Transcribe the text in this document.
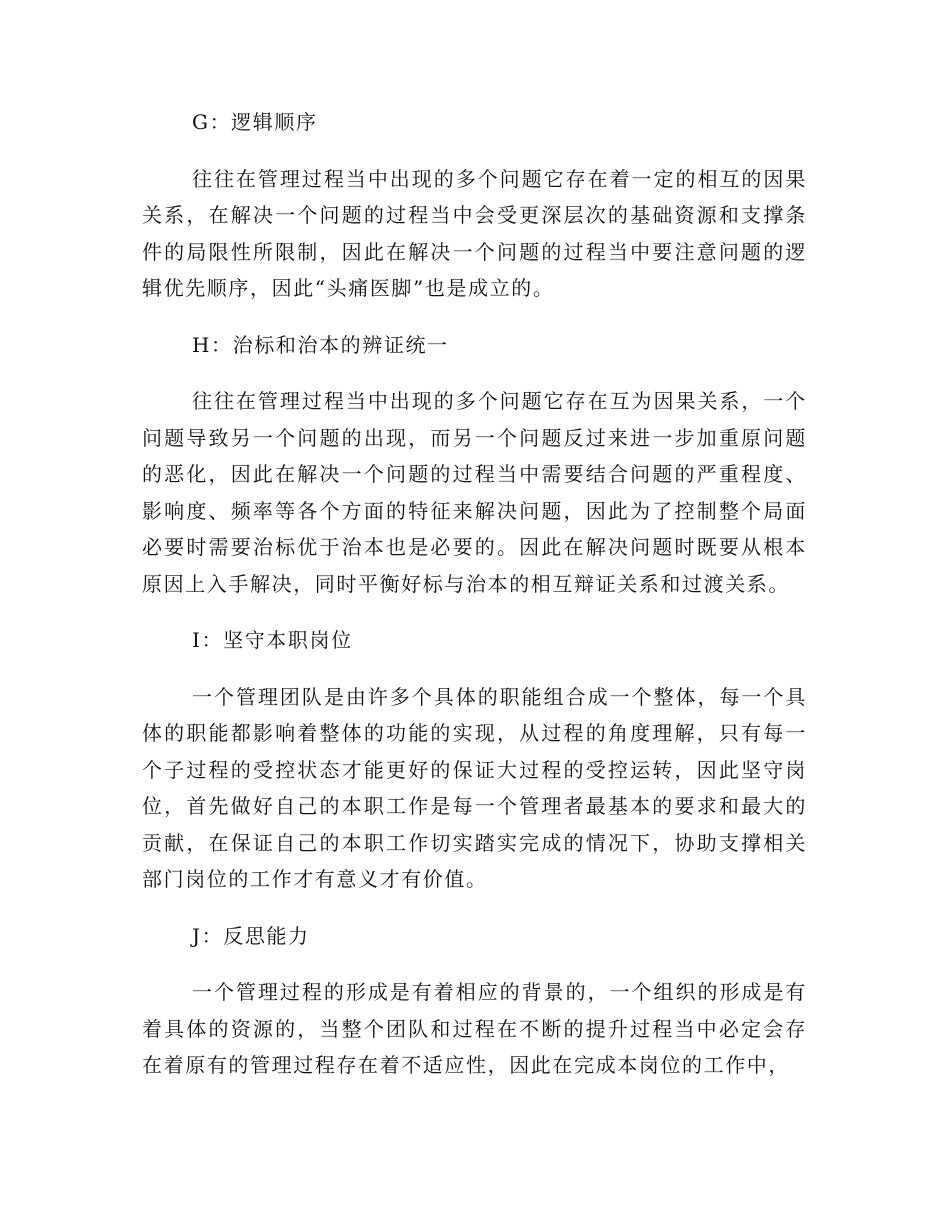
G：逻辑顺序
往往在管理过程当中出现的多个问题它存在着一定的相互的因果关系，在解决一个问题的过程当中会受更深层次的基础资源和支撑条件的局限性所限制，因此在解决一个问题的过程当中要注意问题的逻辑优先顺序，因此“头痛医脚”也是成立的。
H：治标和治本的辨证统一
往往在管理过程当中出现的多个问题它存在互为因果关系，一个问题导致另一个问题的出现，而另一个问题反过来进一步加重原问题的恶化，因此在解决一个问题的过程当中需要结合问题的严重程度、影响度、频率等各个方面的特征来解决问题，因此为了控制整个局面必要时需要治标优于治本也是必要的。因此在解决问题时既要从根本原因上入手解决，同时平衡好标与治本的相互辩证关系和过渡关系。
I：坚守本职岗位
一个管理团队是由许多个具体的职能组合成一个整体，每一个具体的职能都影响着整体的功能的实现，从过程的角度理解，只有每一个子过程的受控状态才能更好的保证大过程的受控运转，因此坚守岗位，首先做好自己的本职工作是每一个管理者最基本的要求和最大的贡献，在保证自己的本职工作切实踏实完成的情况下，协助支撑相关部门岗位的工作才有意义才有价值。
J：反思能力
一个管理过程的形成是有着相应的背景的，一个组织的形成是有着具体的资源的，当整个团队和过程在不断的提升过程当中必定会存在着原有的管理过程存在着不适应性，因此在完成本岗位的工作中，
